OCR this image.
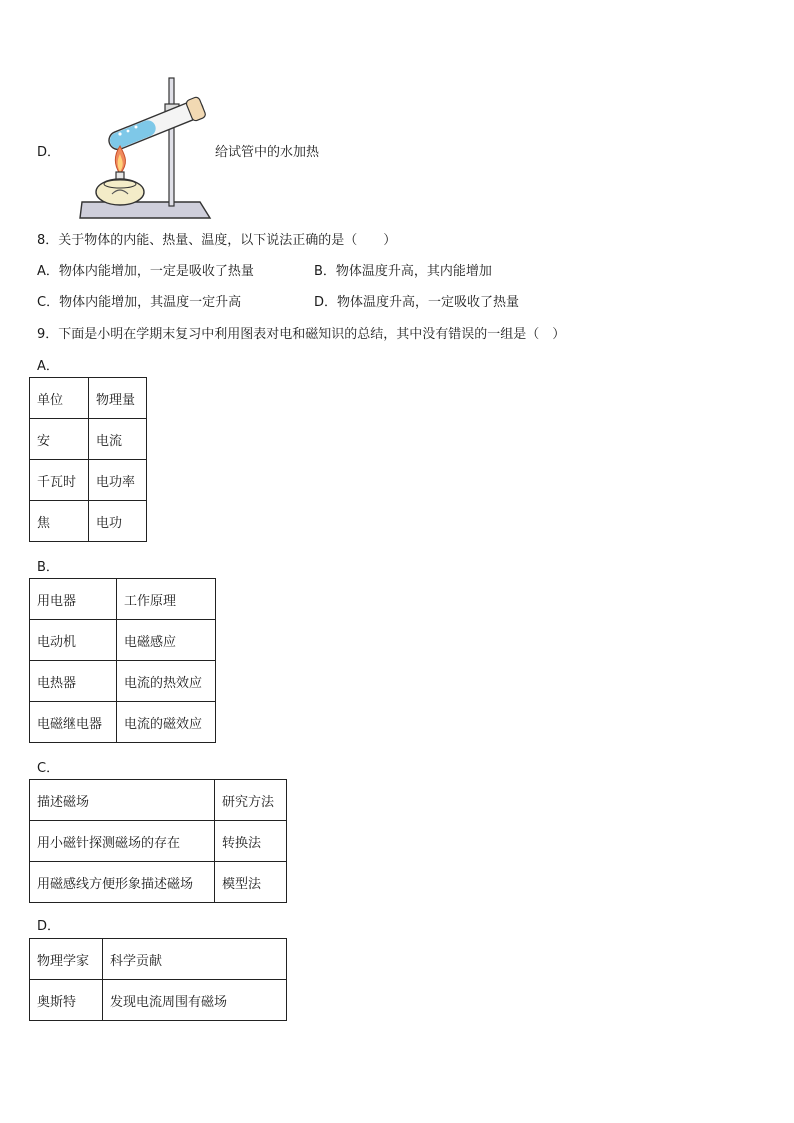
D．	给试管中的水加热
8．关于物体的内能、热量、温度，以下说法正确的是（　　）
A．物体内能增加，一定是吸收了热量	B．物体温度升高，其内能增加
C．物体内能增加，其温度一定升高	D．物体温度升高，一定吸收了热量
9．下面是小明在学期末复习中利用图表对电和磁知识的总结，其中没有错误的一组是（　）
A．
单位	物理量
安	电流
千瓦时	电功率
焦	电功
B．
用电器	工作原理
电动机	电磁感应
电热器	电流的热效应
电磁继电器	电流的磁效应
C．
描述磁场	研究方法
用小磁针探测磁场的存在	转换法
用磁感线方便形象描述磁场	模型法
D．
物理学家	科学贡献
奥斯特	发现电流周围有磁场
